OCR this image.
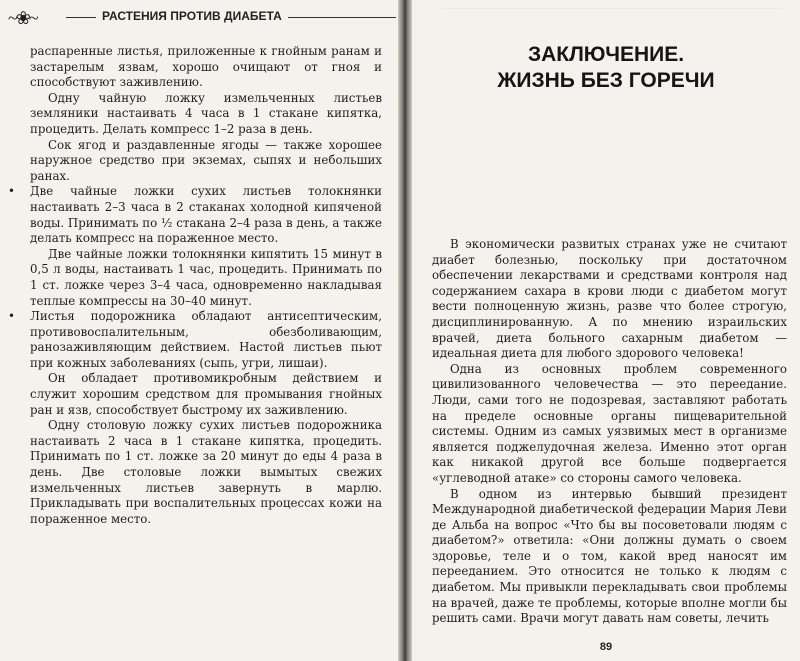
~❀~	РАСТЕНИЯ ПРОТИВ ДИАБЕТА

распаренные листья, приложенные к гнойным ранам и застарелым язвам, хорошо очищают от гноя и способствуют заживлению.

Одну чайную ложку измельченных листьев земляники настаивать 4 часа в 1 стакане кипятка, процедить. Делать компресс 1–2 раза в день.

Сок ягод и раздавленные ягоды — также хорошее наружное средство при экземах, сыпях и небольших ранах.

• Две чайные ложки сухих листьев толокнянки настаивать 2–3 часа в 2 стаканах холодной кипяченой воды. Принимать по ½ стакана 2–4 раза в день, а также делать компресс на пораженное место.

Две чайные ложки толокнянки кипятить 15 минут в 0,5 л воды, настаивать 1 час, процедить. Принимать по 1 ст. ложке через 3–4 часа, одновременно накладывая теплые компрессы на 30–40 минут.

• Листья подорожника обладают антисептическим, противовоспалительным, обезболивающим, ранозаживляющим действием. Настой листьев пьют при кожных заболеваниях (сыпь, угри, лишаи).

Он обладает противомикробным действием и служит хорошим средством для промывания гнойных ран и язв, способствует быстрому их заживлению.

Одну столовую ложку сухих листьев подорожника настаивать 2 часа в 1 стакане кипятка, процедить. Принимать по 1 ст. ложке за 20 минут до еды 4 раза в день. Две столовые ложки вымытых свежих измельченных листьев завернуть в марлю. Прикладывать при воспалительных процессах кожи на пораженное место.

ЗАКЛЮЧЕНИЕ.
ЖИЗНЬ БЕЗ ГОРЕЧИ

В экономически развитых странах уже не считают диабет болезнью, поскольку при достаточном обеспечении лекарствами и средствами контроля над содержанием сахара в крови люди с диабетом могут вести полноценную жизнь, разве что более строгую, дисциплинированную. А по мнению израильских врачей, диета больного сахарным диабетом — идеальная диета для любого здорового человека!

Одна из основных проблем современного цивилизованного человечества — это переедание. Люди, сами того не подозревая, заставляют работать на пределе основные органы пищеварительной системы. Одним из самых уязвимых мест в организме является поджелудочная железа. Именно этот орган как никакой другой все больше подвергается «углеводной атаке» со стороны самого человека.

В одном из интервью бывший президент Международной диабетической федерации Мария Леви де Альба на вопрос «Что бы вы посоветовали людям с диабетом?» ответила: «Они должны думать о своем здоровье, теле и о том, какой вред наносят им перееданием. Это относится не только к людям с диабетом. Мы привыкли перекладывать свои проблемы на врачей, даже те проблемы, которые вполне могли бы решить сами. Врачи могут давать нам советы, лечить

89
